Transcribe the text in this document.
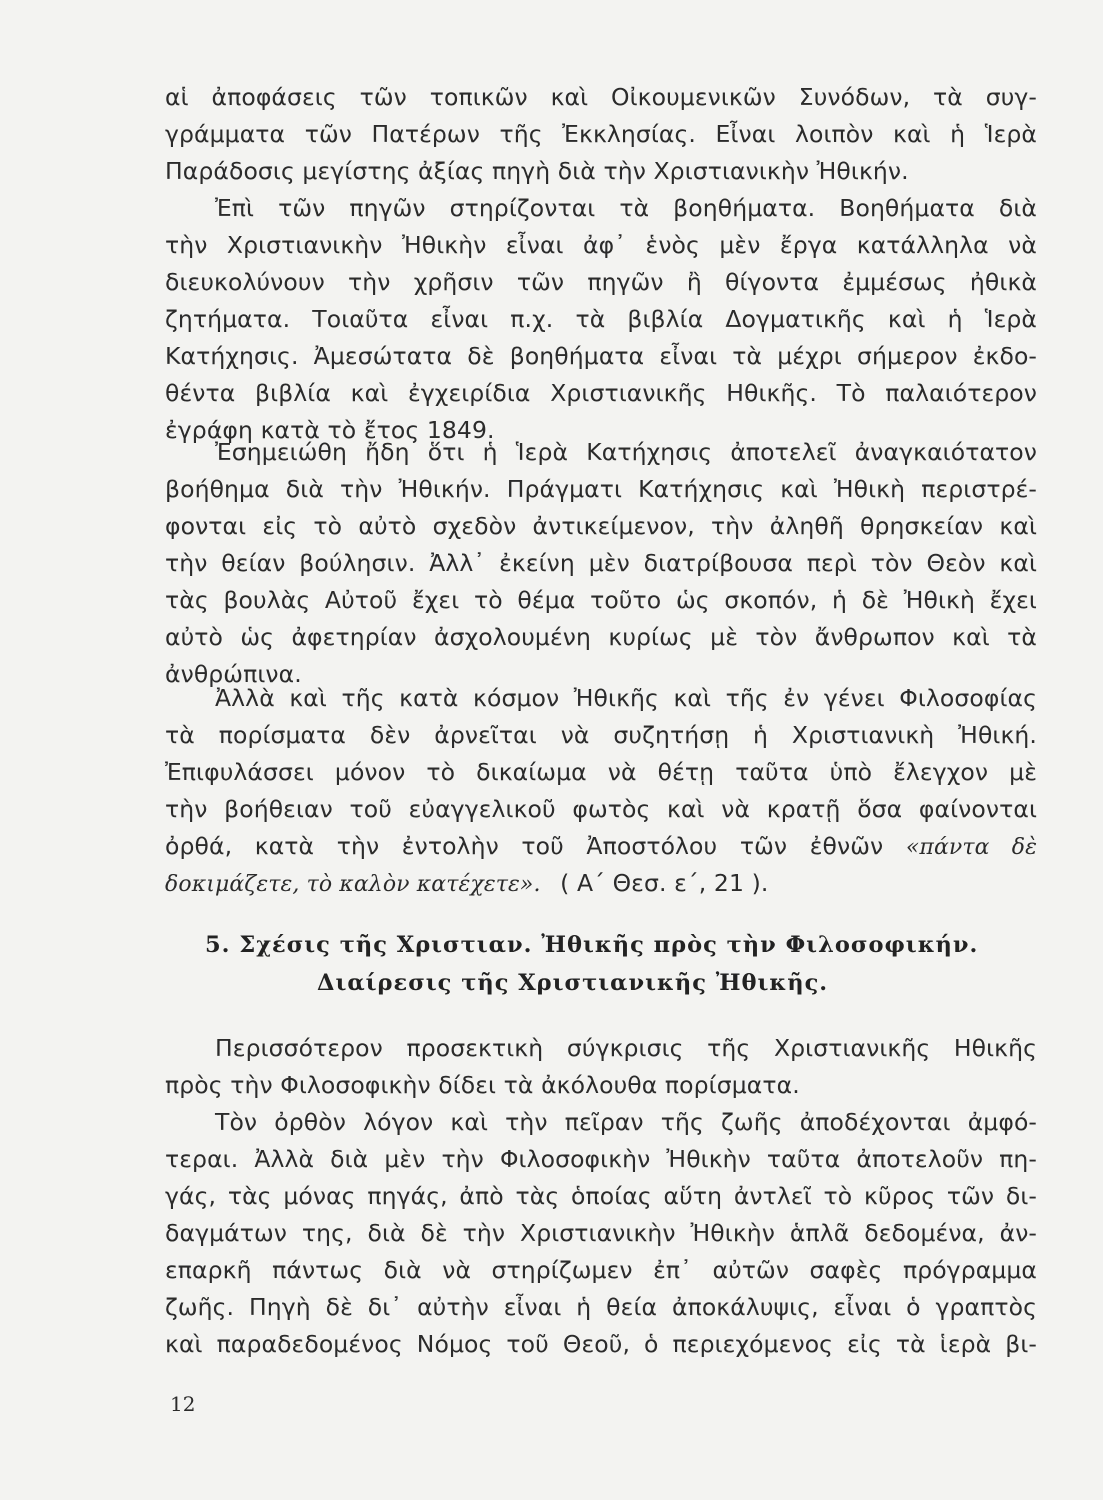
αἱ ἀποφάσεις τῶν τοπικῶν καὶ Οἰκουμενικῶν Συνόδων, τὰ συγ-
γράμματα τῶν Πατέρων τῆς Ἐκκλησίας. Εἶναι λοιπὸν καὶ ἡ Ἱερὰ
Παράδοσις μεγίστης ἀξίας πηγὴ διὰ τὴν Χριστιανικὴν Ἠθικήν.
Ἐπὶ τῶν πηγῶν στηρίζονται τὰ βοηθήματα. Βοηθήματα διὰ
τὴν Χριστιανικὴν Ἠθικὴν εἶναι ἀφ᾽ ἑνὸς μὲν ἔργα κατάλληλα νὰ
διευκολύνουν τὴν χρῆσιν τῶν πηγῶν ἢ θίγοντα ἐμμέσως ἠθικὰ
ζητήματα. Τοιαῦτα εἶναι π.χ. τὰ βιβλία Δογματικῆς καὶ ἡ Ἱερὰ
Κατήχησις. Ἀμεσώτατα δὲ βοηθήματα εἶναι τὰ μέχρι σήμερον ἐκδο-
θέντα βιβλία καὶ ἐγχειρίδια Χριστιανικῆς Ηθικῆς. Τὸ παλαιότερον
ἐγράφη κατὰ τὸ ἔτος 1849.
Ἐσημειώθη ἤδη ὅτι ἡ Ἱερὰ Κατήχησις ἀποτελεῖ ἀναγκαιότατον
βοήθημα διὰ τὴν Ἠθικήν. Πράγματι Κατήχησις καὶ Ἠθικὴ περιστρέ-
φονται εἰς τὸ αὐτὸ σχεδὸν ἀντικείμενον, τὴν ἀληθῆ θρησκείαν καὶ
τὴν θείαν βούλησιν. Ἀλλ᾽ ἐκείνη μὲν διατρίβουσα περὶ τὸν Θεὸν καὶ
τὰς βουλὰς Αὐτοῦ ἔχει τὸ θέμα τοῦτο ὡς σκοπόν, ἡ δὲ Ἠθικὴ ἔχει
αὐτὸ ὡς ἀφετηρίαν ἀσχολουμένη κυρίως μὲ τὸν ἄνθρωπον καὶ τὰ
ἀνθρώπινα.
Ἀλλὰ καὶ τῆς κατὰ κόσμον Ἠθικῆς καὶ τῆς ἐν γένει Φιλοσοφίας
τὰ πορίσματα δὲν ἀρνεῖται νὰ συζητήσῃ ἡ Χριστιανικὴ Ἠθική.
Ἐπιφυλάσσει μόνον τὸ δικαίωμα νὰ θέτῃ ταῦτα ὑπὸ ἔλεγχον μὲ
τὴν βοήθειαν τοῦ εὐαγγελικοῦ φωτὸς καὶ νὰ κρατῇ ὅσα φαίνονται
ὀρθά, κατὰ τὴν ἐντολὴν τοῦ Ἀποστόλου τῶν ἐθνῶν «πάντα δὲ
δοκιμάζετε, τὸ καλὸν κατέχετε». ( Α΄ Θεσ. ε΄, 21 ).
5. Σχέσις τῆς Χριστιαν. Ἠθικῆς πρὸς τὴν Φιλοσοφικήν.
Διαίρεσις τῆς Χριστιανικῆς Ἠθικῆς.
Περισσότερον προσεκτικὴ σύγκρισις τῆς Χριστιανικῆς Ηθικῆς
πρὸς τὴν Φιλοσοφικὴν δίδει τὰ ἀκόλουθα πορίσματα.
Τὸν ὀρθὸν λόγον καὶ τὴν πεῖραν τῆς ζωῆς ἀποδέχονται ἀμφό-
τεραι. Ἀλλὰ διὰ μὲν τὴν Φιλοσοφικὴν Ἠθικὴν ταῦτα ἀποτελοῦν πη-
γάς, τὰς μόνας πηγάς, ἀπὸ τὰς ὁποίας αὕτη ἀντλεῖ τὸ κῦρος τῶν δι-
δαγμάτων της, διὰ δὲ τὴν Χριστιανικὴν Ἠθικὴν ἁπλᾶ δεδομένα, ἀν-
επαρκῆ πάντως διὰ νὰ στηρίζωμεν ἐπ᾽ αὐτῶν σαφὲς πρόγραμμα
ζωῆς. Πηγὴ δὲ δι᾽ αὐτὴν εἶναι ἡ θεία ἀποκάλυψις, εἶναι ὁ γραπτὸς
καὶ παραδεδομένος Νόμος τοῦ Θεοῦ, ὁ περιεχόμενος εἰς τὰ ἱερὰ βι-
12
